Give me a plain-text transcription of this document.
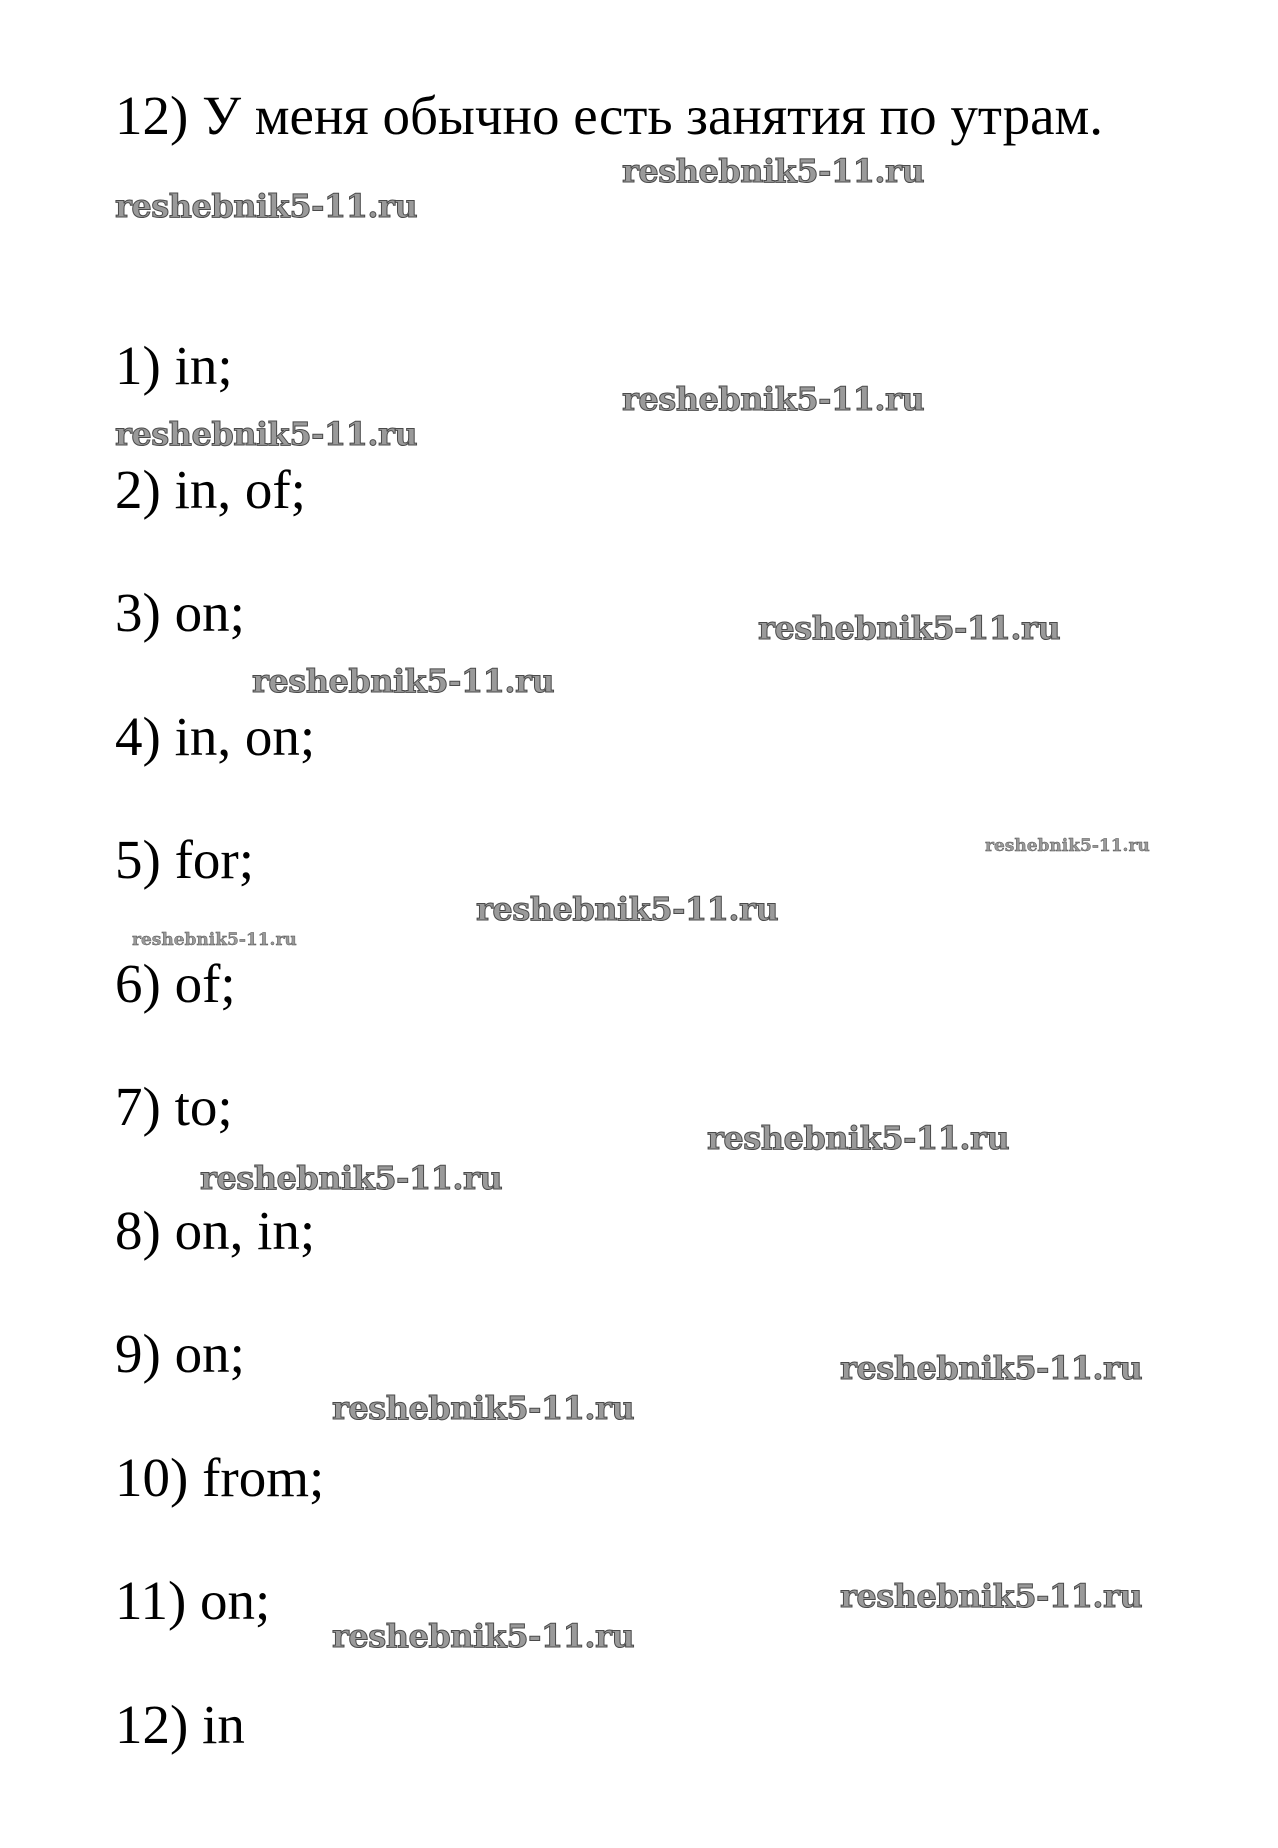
12) У меня обычно есть занятия по утрам.
1) in;
2) in, of;
3) on;
4) in, on;
5) for;
6) of;
7) to;
8) on, in;
9) on;
10) from;
11) on;
12) in
reshebnik5-11.ru
reshebnik5-11.ru
reshebnik5-11.ru
reshebnik5-11.ru
reshebnik5-11.ru
reshebnik5-11.ru
reshebnik5-11.ru
reshebnik5-11.ru
reshebnik5-11.ru
reshebnik5-11.ru
reshebnik5-11.ru
reshebnik5-11.ru
reshebnik5-11.ru
reshebnik5-11.ru
reshebnik5-11.ru
